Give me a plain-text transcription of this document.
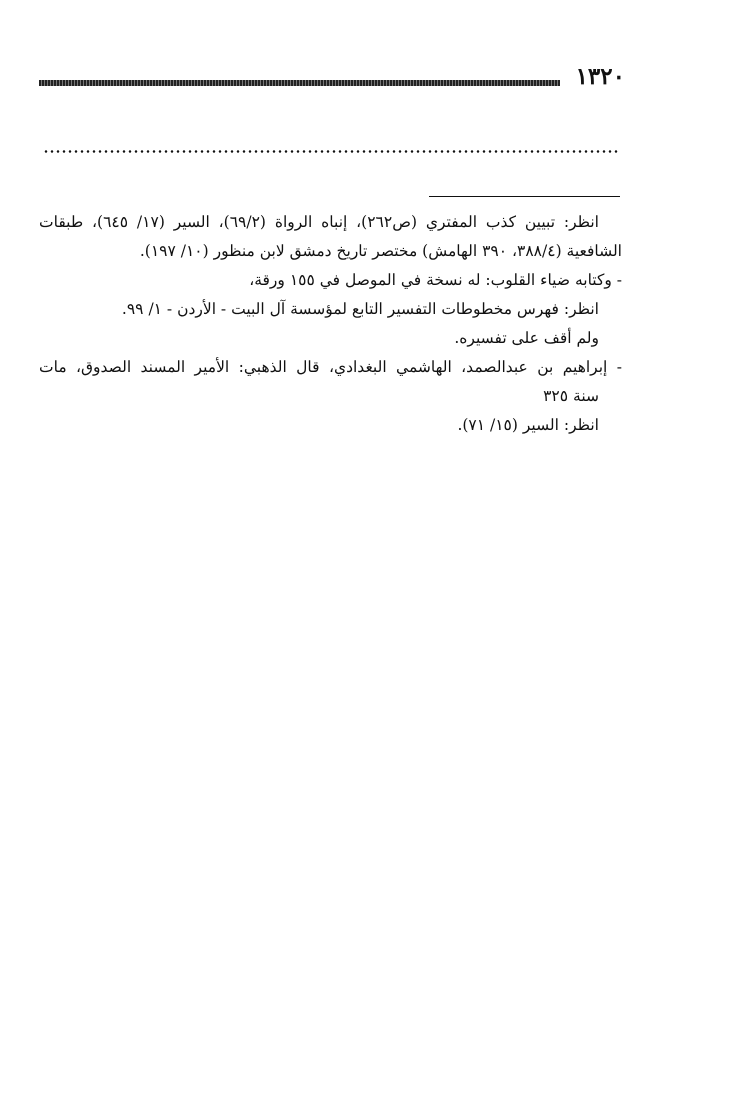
١٣٢٠
انظر: تبيين كذب المفتري (ص٢٦٢)، إنباه الرواة (٦٩/٢)، السير (١٧/ ٦٤٥)، طبقات
الشافعية (٣٨٨/٤، ٣٩٠ الهامش) مختصر تاريخ دمشق لابن منظور (١٠/ ١٩٧).
- وكتابه ضياء القلوب: له نسخة في الموصل في ١٥٥ ورقة،
انظر: فهرس مخطوطات التفسير التابع لمؤسسة آل البيت - الأردن - ١/ ٩٩.
ولم أقف على تفسيره.
- إبراهيم بن عبدالصمد، الهاشمي البغدادي، قال الذهبي: الأمير المسند الصدوق، مات
سنة ٣٢٥
انظر: السير (١٥/ ٧١).
